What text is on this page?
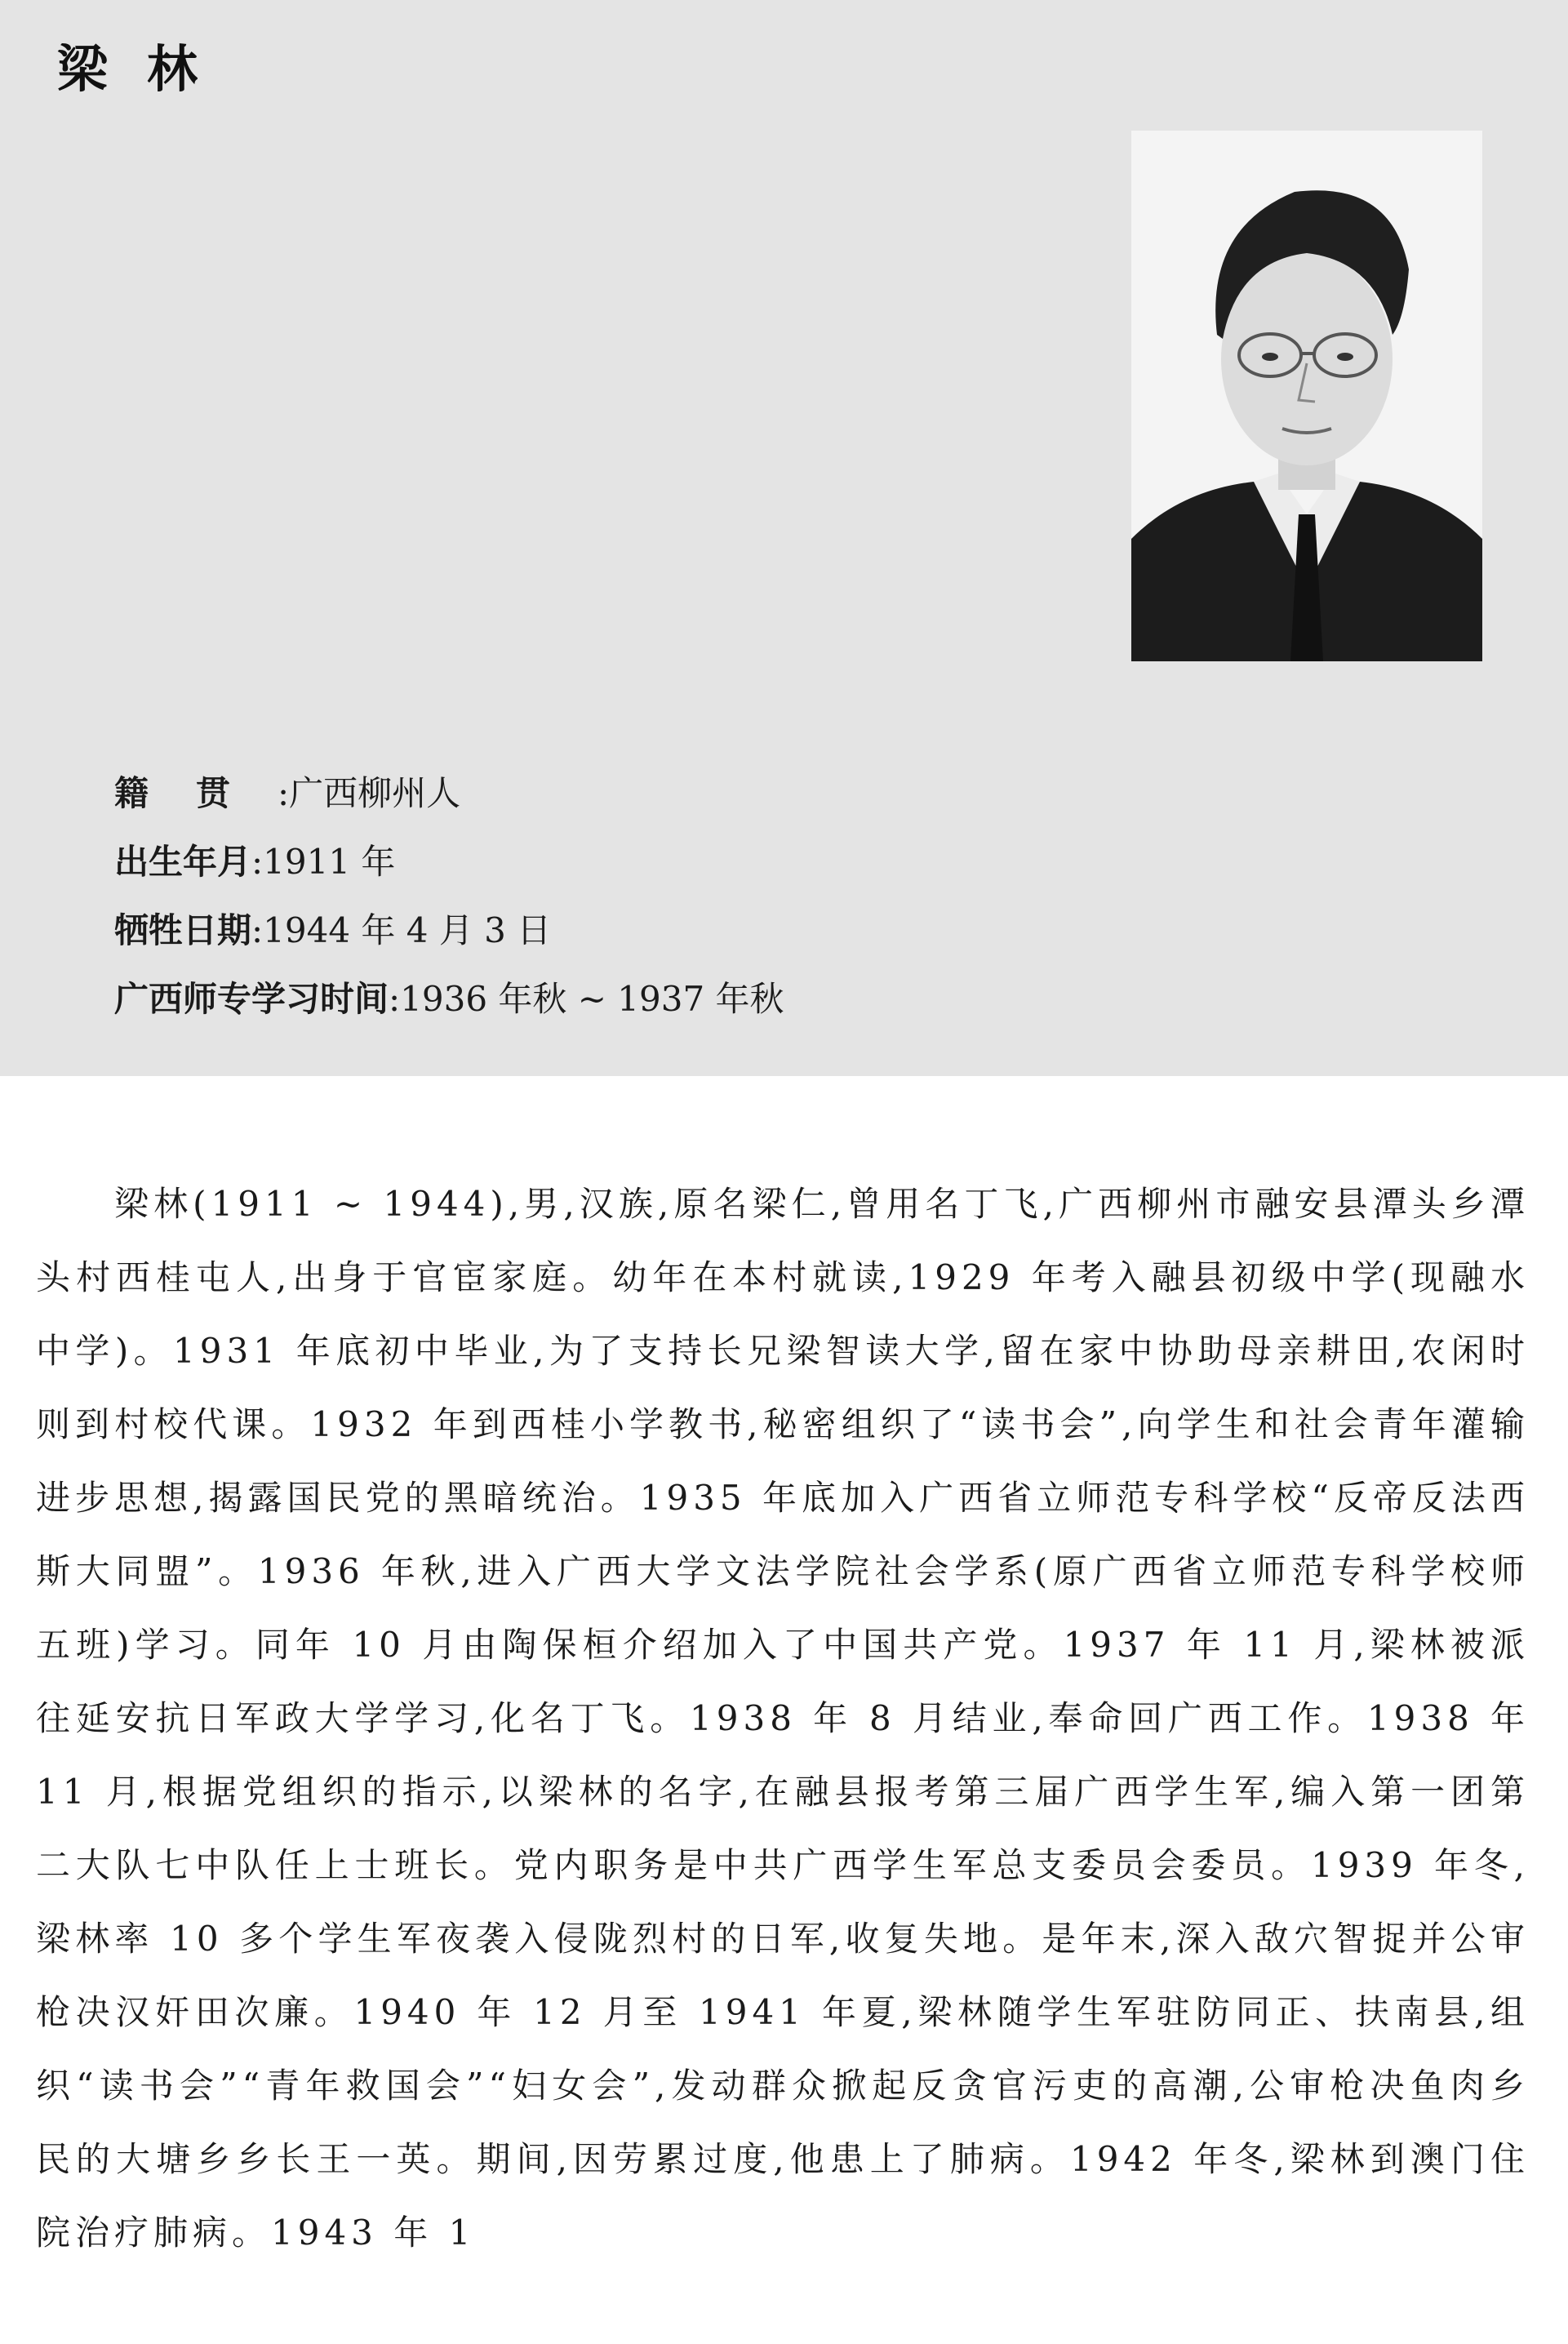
梁林
籍贯:广西柳州人
出生年月:1911 年
牺牲日期:1944 年 4 月 3 日
广西师专学习时间:1936 年秋 ~ 1937 年秋

梁林(1911 ~ 1944),男,汉族,原名梁仁,曾用名丁飞,广西柳州市融安县潭头乡潭头村西桂屯人,出身于官宦家庭。幼年在本村就读,1929 年考入融县初级中学(现融水中学)。1931 年底初中毕业,为了支持长兄梁智读大学,留在家中协助母亲耕田,农闲时则到村校代课。1932 年到西桂小学教书,秘密组织了“读书会”,向学生和社会青年灌输进步思想,揭露国民党的黑暗统治。1935 年底加入广西省立师范专科学校“反帝反法西斯大同盟”。1936 年秋,进入广西大学文法学院社会学系(原广西省立师范专科学校师五班)学习。同年 10 月由陶保桓介绍加入了中国共产党。1937 年 11 月,梁林被派往延安抗日军政大学学习,化名丁飞。1938 年 8 月结业,奉命回广西工作。1938 年 11 月,根据党组织的指示,以梁林的名字,在融县报考第三届广西学生军,编入第一团第二大队七中队任上士班长。党内职务是中共广西学生军总支委员会委员。1939 年冬,梁林率 10 多个学生军夜袭入侵陇烈村的日军,收复失地。是年末,深入敌穴智捉并公审枪决汉奸田次廉。1940 年 12 月至 1941 年夏,梁林随学生军驻防同正、扶南县,组织“读书会”“青年救国会”“妇女会”,发动群众掀起反贪官污吏的高潮,公审枪决鱼肉乡民的大塘乡乡长王一英。期间,因劳累过度,他患上了肺病。1942 年冬,梁林到澳门住院治疗肺病。1943 年 1
